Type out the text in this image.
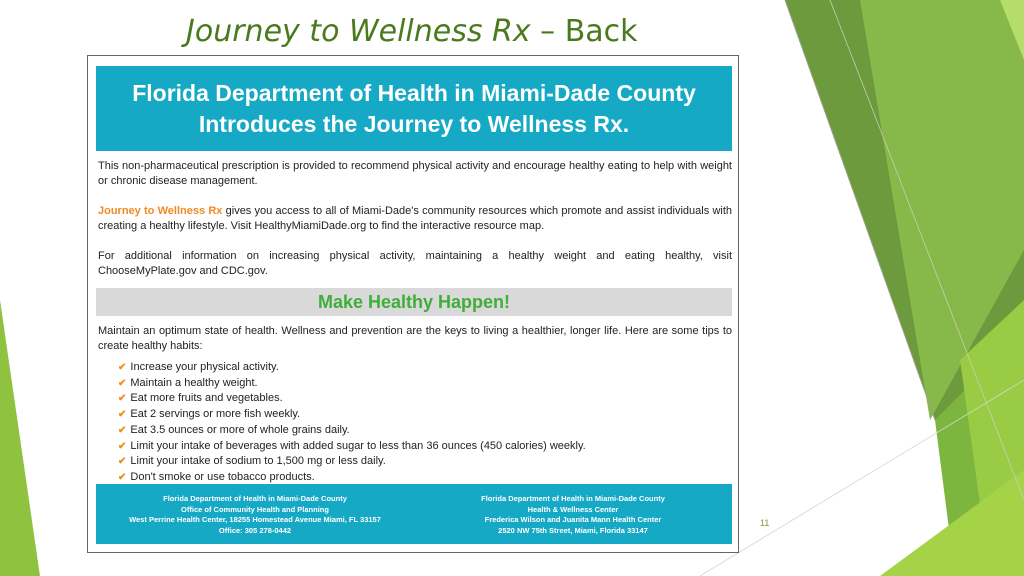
Journey to Wellness Rx – Back
Florida Department of Health in Miami-Dade County
Introduces the Journey to Wellness Rx.
This non-pharmaceutical prescription is provided to recommend physical activity and encourage healthy eating to help with weight or chronic disease management.
Journey to Wellness Rx gives you access to all of Miami-Dade's community resources which promote and assist individuals with creating a healthy lifestyle. Visit HealthyMiamiDade.org to find the interactive resource map.
For additional information on increasing physical activity, maintaining a healthy weight and eating healthy, visit ChooseMyPlate.gov and CDC.gov.
Make Healthy Happen!
Maintain an optimum state of health. Wellness and prevention are the keys to living a healthier, longer life. Here are some tips to create healthy habits:
✔ Increase your physical activity.
✔ Maintain a healthy weight.
✔ Eat more fruits and vegetables.
✔ Eat 2 servings or more fish weekly.
✔ Eat 3.5 ounces or more of whole grains daily.
✔ Limit your intake of beverages with added sugar to less than 36 ounces (450 calories) weekly.
✔ Limit your intake of sodium to 1,500 mg or less daily.
✔ Don't smoke or use tobacco products.
Florida Department of Health in Miami-Dade County
Office of Community Health and Planning
West Perrine Health Center, 18255 Homestead Avenue Miami, FL 33157
Office: 305 278-0442
Florida Department of Health in Miami-Dade County
Health & Wellness Center
Frederica Wilson and Juanita Mann Health Center
2520 NW 75th Street, Miami, Florida 33147
11
